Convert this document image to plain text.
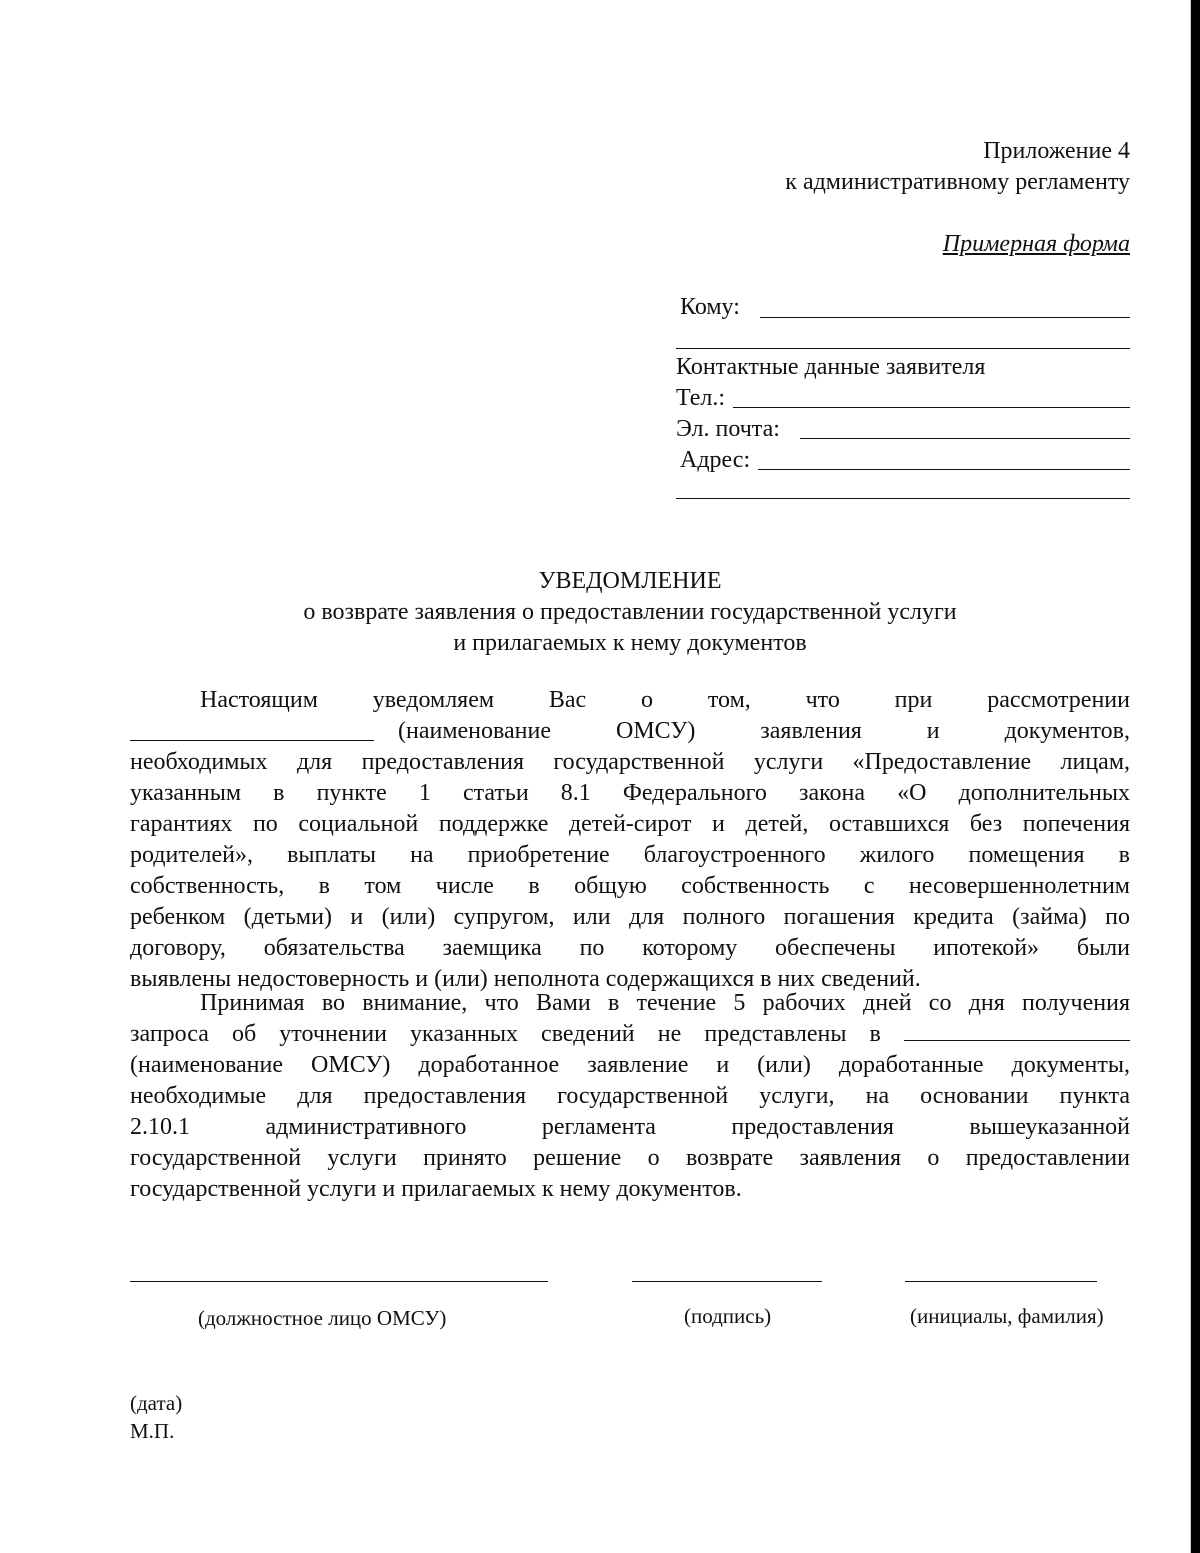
Приложение 4
к административному регламенту
Примерная форма
Кому:
Контактные данные заявителя
Тел.:
Эл. почта:
Адрес:
УВЕДОМЛЕНИЕ
о возврате заявления о предоставлении государственной услуги
и прилагаемых к нему документов
Настоящим уведомляем Вас о том, что при рассмотрении
(наименование ОМСУ) заявления и документов,
необходимых для предоставления государственной услуги «Предоставление лицам,
указанным в пункте 1 статьи 8.1 Федерального закона «О дополнительных
гарантиях по социальной поддержке детей-сирот и детей, оставшихся без попечения
родителей», выплаты на приобретение благоустроенного жилого помещения в
собственность, в том числе в общую собственность с несовершеннолетним
ребенком (детьми) и (или) супругом, или для полного погашения кредита (займа) по
договору, обязательства заемщика по которому обеспечены ипотекой» были
выявлены недостоверность и (или) неполнота содержащихся в них сведений.
Принимая во внимание, что Вами в течение 5 рабочих дней со дня получения
запроса об уточнении указанных сведений не представлены в
(наименование ОМСУ) доработанное заявление и (или) доработанные документы,
необходимые для предоставления государственной услуги, на основании пункта
2.10.1 административного регламента предоставления вышеуказанной
государственной услуги принято решение о возврате заявления о предоставлении
государственной услуги и прилагаемых к нему документов.
(должностное лицо ОМСУ)	(подпись)	(инициалы, фамилия)
(дата)
М.П.
